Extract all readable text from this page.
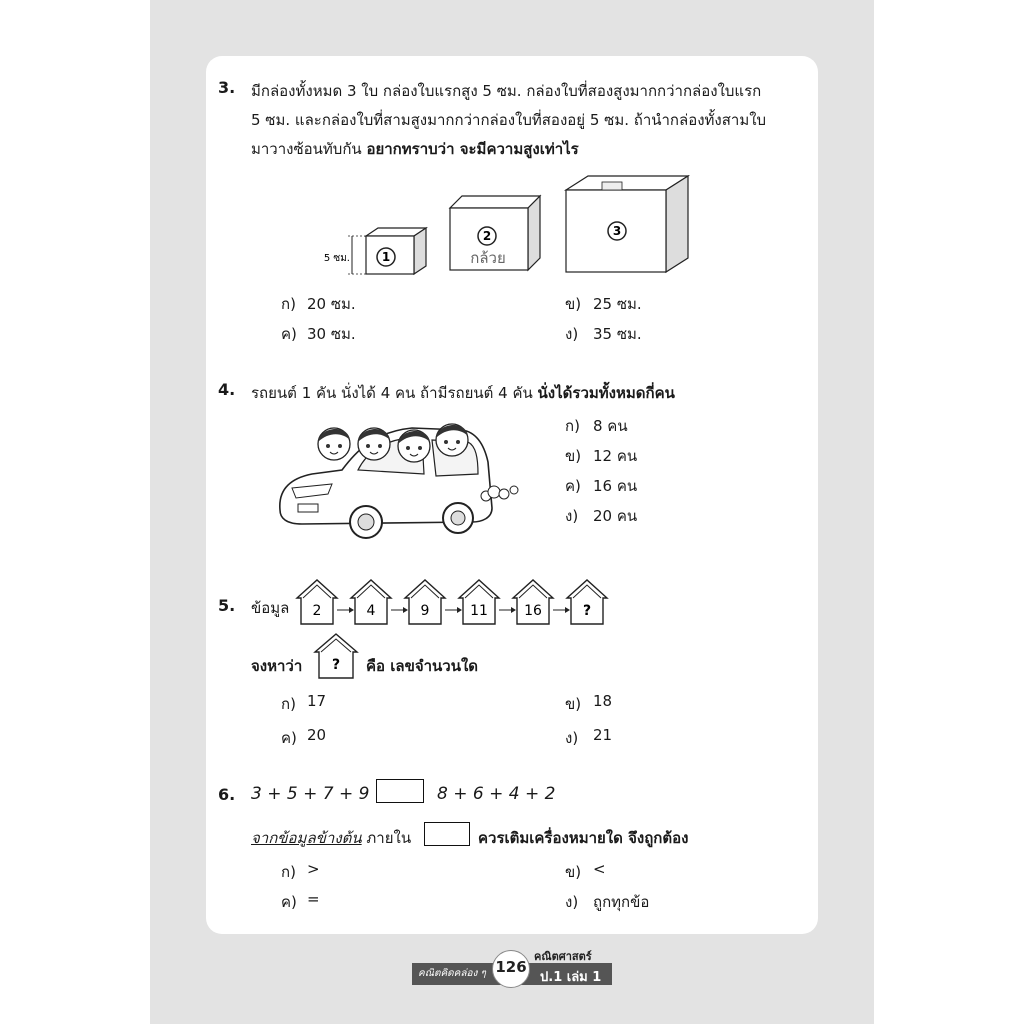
3. มีกล่องทั้งหมด 3 ใบ กล่องใบแรกสูง 5 ซม. กล่องใบที่สองสูงมากกว่ากล่องใบแรก
5 ซม. และกล่องใบที่สามสูงมากกว่ากล่องใบที่สองอยู่ 5 ซม. ถ้านำกล่องทั้งสามใบ
มาวางซ้อนทับกัน อยากทราบว่า จะมีความสูงเท่าไร
1
5 ซม.
2
กล้วย
3
ก) 20 ซม.	ข) 25 ซม.
ค) 30 ซม.	ง) 35 ซม.
4. รถยนต์ 1 คัน นั่งได้ 4 คน ถ้ามีรถยนต์ 4 คัน นั่งได้รวมทั้งหมดกี่คน
ก) 8 คน
ข) 12 คน
ค) 16 คน
ง) 20 คน
5. ข้อมูล 2	4	9	11	16	?
จงหาว่า ? คือ เลขจำนวนใด
ก) 17	ข) 18
ค) 20	ง) 21
6. 3 + 5 + 7 + 9	8 + 6 + 4 + 2
จากข้อมูลข้างต้น ภายใน	ควรเติมเครื่องหมายใด จึงถูกต้อง
ก) >	ข) <
ค) =	ง) ถูกทุกข้อ
คณิตคิดคล่อง ๆ 126
คณิตศาสตร์
ป.1 เล่ม 1
